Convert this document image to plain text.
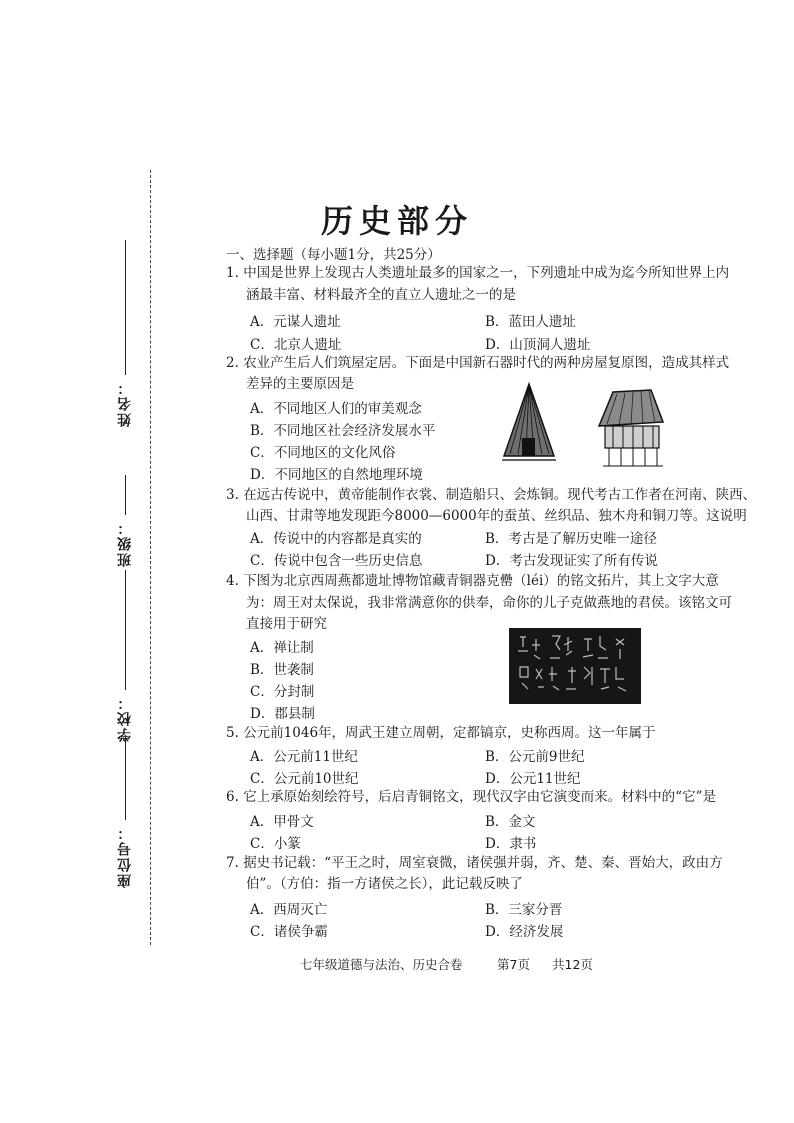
姓名：
班级：
学校：
座位号：
历史部分
一、选择题（每小题1分，共25分）
1. 中国是世界上发现古人类遗址最多的国家之一，下列遗址中成为迄今所知世界上内
涵最丰富、材料最齐全的直立人遗址之一的是
A．元谋人遗址	B．蓝田人遗址
C．北京人遗址	D．山顶洞人遗址
2. 农业产生后人们筑屋定居。下面是中国新石器时代的两种房屋复原图，造成其样式
差异的主要原因是
A．不同地区人们的审美观念
B．不同地区社会经济发展水平
C．不同地区的文化风俗
D．不同地区的自然地理环境
3. 在远古传说中，黄帝能制作衣裳、制造船只、会炼铜。现代考古工作者在河南、陕西、
山西、甘肃等地发现距今8000—6000年的蚕茧、丝织品、独木舟和铜刀等。这说明
A．传说中的内容都是真实的	B．考古是了解历史唯一途径
C．传说中包含一些历史信息	D．考古发现证实了所有传说
4. 下图为北京西周燕都遗址博物馆藏青铜器克罍（léi）的铭文拓片，其上文字大意
为：周王对太保说，我非常满意你的供奉，命你的儿子克做燕地的君侯。该铭文可
直接用于研究
A．禅让制
B．世袭制
C．分封制
D．郡县制
5. 公元前1046年，周武王建立周朝，定都镐京，史称西周。这一年属于
A．公元前11世纪	B．公元前9世纪
C．公元前10世纪	D．公元11世纪
6. 它上承原始刻绘符号，后启青铜铭文，现代汉字由它演变而来。材料中的“它”是
A．甲骨文	B．金文
C．小篆	D．隶书
7. 据史书记载：“平王之时，周室衰微，诸侯强并弱，齐、楚、秦、晋始大，政由方
伯”。（方伯：指一方诸侯之长），此记载反映了
A．西周灭亡	B．三家分晋
C．诸侯争霸	D．经济发展
七年级道德与法治、历史合卷	第7页 共12页
